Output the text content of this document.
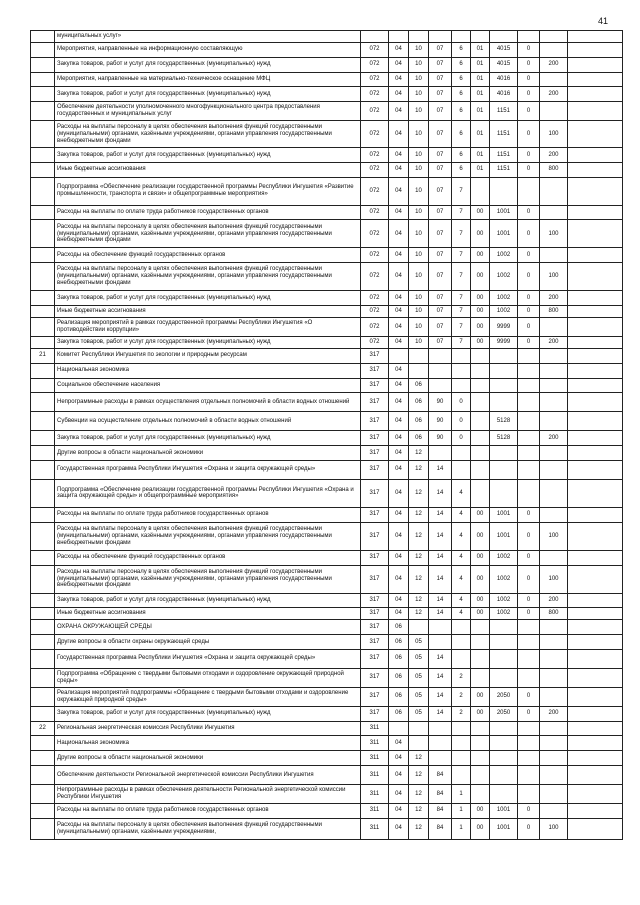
41
	муниципальных услуг»											
	Мероприятия, направленные на информационную составляющую	072	04	10	07	6	01	4015	0			
	Закупка товаров, работ и услуг для государственных (муниципальных) нужд	072	04	10	07	6	01	4015	0	200		
	Мероприятия, направленные на материально-техническое оснащение МФЦ	072	04	10	07	6	01	4016	0			
	Закупка товаров, работ и услуг для государственных (муниципальных) нужд	072	04	10	07	6	01	4016	0	200		
	Обеспечение деятельности уполномоченного многофункционального центра предоставления государственных и муниципальных услуг	072	04	10	07	6	01	1151	0			
	Расходы на выплаты персоналу в целях обеспечения выполнения функций государственными (муниципальными) органами, казёнными учреждениями, органами управления государственными внебюджетными фондами	072	04	10	07	6	01	1151	0	100		
	Закупка товаров, работ и услуг для государственных (муниципальных) нужд	072	04	10	07	6	01	1151	0	200		
	Иные бюджетные ассигнования	072	04	10	07	6	01	1151	0	800		
	Подпрограмма «Обеспечение реализации государственной программы Республики Ингушетия «Развитие промышленности, транспорта и связи» и общепрограммные мероприятия»	072	04	10	07	7						
	Расходы на выплаты по оплате труда работников государственных органов	072	04	10	07	7	00	1001	0			
	Расходы на выплаты персоналу в целях обеспечения выполнения функций государственными (муниципальными) органами, казёнными учреждениями, органами управления государственными внебюджетными фондами	072	04	10	07	7	00	1001	0	100		
	Расходы на обеспечение функций государственных органов	072	04	10	07	7	00	1002	0			
	Расходы на выплаты персоналу в целях обеспечения выполнения функций государственными (муниципальными) органами, казёнными учреждениями, органами управления государственными внебюджетными фондами	072	04	10	07	7	00	1002	0	100		
	Закупка товаров, работ и услуг для государственных (муниципальных) нужд	072	04	10	07	7	00	1002	0	200		
	Иные бюджетные ассигнования	072	04	10	07	7	00	1002	0	800		
	Реализация мероприятий в рамках государственной программы Республики Ингушетия «О противодействии коррупции»	072	04	10	07	7	00	9999	0			
	Закупка товаров, работ и услуг для государственных (муниципальных) нужд	072	04	10	07	7	00	9999	0	200		
21	Комитет Республики Ингушетия по экологии и природным ресурсам	317										
	Национальная экономика	317	04									
	Социальное обеспечение населения	317	04	06								
	Непрограммные расходы в рамках осуществления отдельных полномочий в области водных отношений	317	04	06	90	0						
	Субвенции на осуществление отдельных полномочий в области водных отношений	317	04	06	90	0		5128				
	Закупка товаров, работ и услуг для государственных (муниципальных) нужд	317	04	06	90	0		5128		200		
	Другие вопросы в области национальной экономики	317	04	12								
	Государственная программа Республики Ингушетия «Охрана и защита окружающей среды»	317	04	12	14							
	Подпрограмма «Обеспечение реализации государственной программы Республики Ингушетия «Охрана и защита окружающей среды» и общепрограммные мероприятия»	317	04	12	14	4						
	Расходы на выплаты по оплате труда работников государственных органов	317	04	12	14	4	00	1001	0			
	Расходы на выплаты персоналу в целях обеспечения выполнения функций государственными (муниципальными) органами, казёнными учреждениями, органами управления государственными внебюджетными фондами	317	04	12	14	4	00	1001	0	100		
	Расходы на обеспечение функций государственных органов	317	04	12	14	4	00	1002	0			
	Расходы на выплаты персоналу в целях обеспечения выполнения функций государственными (муниципальными) органами, казёнными учреждениями, органами управления государственными внебюджетными фондами	317	04	12	14	4	00	1002	0	100		
	Закупка товаров, работ и услуг для государственных (муниципальных) нужд	317	04	12	14	4	00	1002	0	200		
	Иные бюджетные ассигнования	317	04	12	14	4	00	1002	0	800		
	ОХРАНА ОКРУЖАЮЩЕЙ СРЕДЫ	317	06									
	Другие вопросы в области охраны окружающей среды	317	06	05								
	Государственная программа Республики Ингушетия «Охрана и защита окружающей среды»	317	06	05	14							
	Подпрограмма «Обращение с твердыми бытовыми отходами и оздоровление окружающей природной среды»	317	06	05	14	2						
	Реализация мероприятий подпрограммы «Обращение с твердыми бытовыми отходами и оздоровление окружающей природной среды»	317	06	05	14	2	00	2050	0			
	Закупка товаров, работ и услуг для государственных (муниципальных) нужд	317	06	05	14	2	00	2050	0	200		
22	Региональная энергетическая комиссия Республики Ингушетия	311										
	Национальная экономика	311	04									
	Другие вопросы в области национальной экономики	311	04	12								
	Обеспечение деятельности Региональной энергетической комиссии Республики Ингушетия	311	04	12	84							
	Непрограммные расходы в рамках обеспечения деятельности Региональной энергетической комиссии Республики Ингушетия	311	04	12	84	1						
	Расходы на выплаты по оплате труда работников государственных органов	311	04	12	84	1	00	1001	0			
	Расходы на выплаты персоналу в целях обеспечения выполнения функций государственными (муниципальными) органами, казёнными учреждениями,	311	04	12	84	1	00	1001	0	100		
